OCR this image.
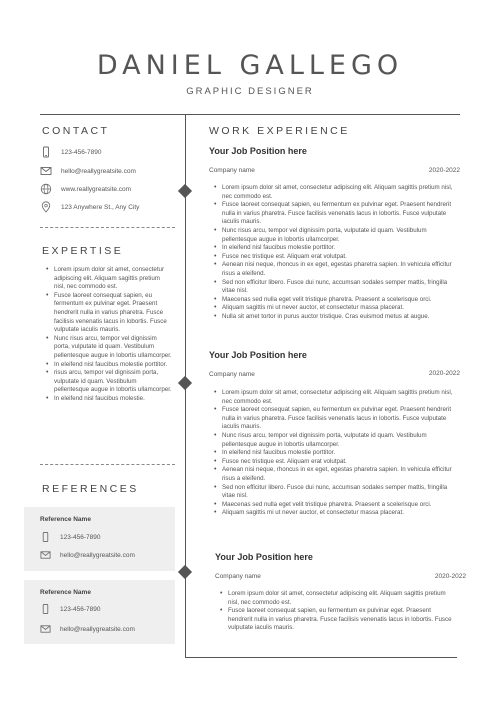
DANIEL GALLEGO
GRAPHIC DESIGNER
CONTACT
123-456-7890
hello@reallygreatsite.com
www.reallygreatsite.com
123 Anywhere St., Any City
EXPERTISE
• Lorem ipsum dolor sit amet, consectetur adipiscing elit. Aliquam sagittis pretium nisl, nec commodo est.
• Fusce laoreet consequat sapien, eu fermentum ex pulvinar eget. Praesent hendrerit nulla in varius pharetra. Fusce facilisis venenatis lacus in lobortis. Fusce vulputate iaculis mauris.
• Nunc risus arcu, tempor vel dignissim porta, vulputate id quam. Vestibulum pellentesque augue in lobortis ullamcorper.
• In eleifend nisl faucibus molestie porttitor.
• risus arcu, tempor vel dignissim porta, vulputate id quam. Vestibulum pellentesque augue in lobortis ullamcorper.
• In eleifend nisl faucibus molestie.
REFERENCES
Reference Name
123-456-7890
hello@reallygreatsite.com
Reference Name
123-456-7890
hello@reallygreatsite.com
WORK EXPERIENCE
Your Job Position here
Company name	2020-2022
• Lorem ipsum dolor sit amet, consectetur adipiscing elit. Aliquam sagittis pretium nisl, nec commodo est.
• Fusce laoreet consequat sapien, eu fermentum ex pulvinar eget. Praesent hendrerit nulla in varius pharetra. Fusce facilisis venenatis lacus in lobortis. Fusce vulputate iaculis mauris.
• Nunc risus arcu, tempor vel dignissim porta, vulputate id quam. Vestibulum pellentesque augue in lobortis ullamcorper.
• In eleifend nisl faucibus molestie porttitor.
• Fusce nec tristique est. Aliquam erat volutpat.
• Aenean nisi neque, rhoncus in ex eget, egestas pharetra sapien. In vehicula efficitur risus a eleifend.
• Sed non efficitur libero. Fusce dui nunc, accumsan sodales semper mattis, fringilla vitae nisl.
• Maecenas sed nulla eget velit tristique pharetra. Praesent a scelerisque orci.
• Aliquam sagittis mi ut never auctor, et consectetur massa placerat.
• Nulla sit amet tortor in purus auctor tristique. Cras euismod metus at augue.
Your Job Position here
Company name	2020-2022
• Lorem ipsum dolor sit amet, consectetur adipiscing elit. Aliquam sagittis pretium nisl, nec commodo est.
• Fusce laoreet consequat sapien, eu fermentum ex pulvinar eget. Praesent hendrerit nulla in varius pharetra. Fusce facilisis venenatis lacus in lobortis. Fusce vulputate iaculis mauris.
• Nunc risus arcu, tempor vel dignissim porta, vulputate id quam. Vestibulum pellentesque augue in lobortis ullamcorper.
• In eleifend nisl faucibus molestie porttitor.
• Fusce nec tristique est. Aliquam erat volutpat.
• Aenean nisi neque, rhoncus in ex eget, egestas pharetra sapien. In vehicula efficitur risus a eleifend.
• Sed non efficitur libero. Fusce dui nunc, accumsan sodales semper mattis, fringilla vitae nisl.
• Maecenas sed nulla eget velit tristique pharetra. Praesent a scelerisque orci.
• Aliquam sagittis mi ut never auctor, et consectetur massa placerat.
Your Job Position here
Company name	2020-2022
• Lorem ipsum dolor sit amet, consectetur adipiscing elit. Aliquam sagittis pretium nisl, nec commodo est.
• Fusce laoreet consequat sapien, eu fermentum ex pulvinar eget. Praesent hendrerit nulla in varius pharetra. Fusce facilisis venenatis lacus in lobortis. Fusce vulputate iaculis mauris.
